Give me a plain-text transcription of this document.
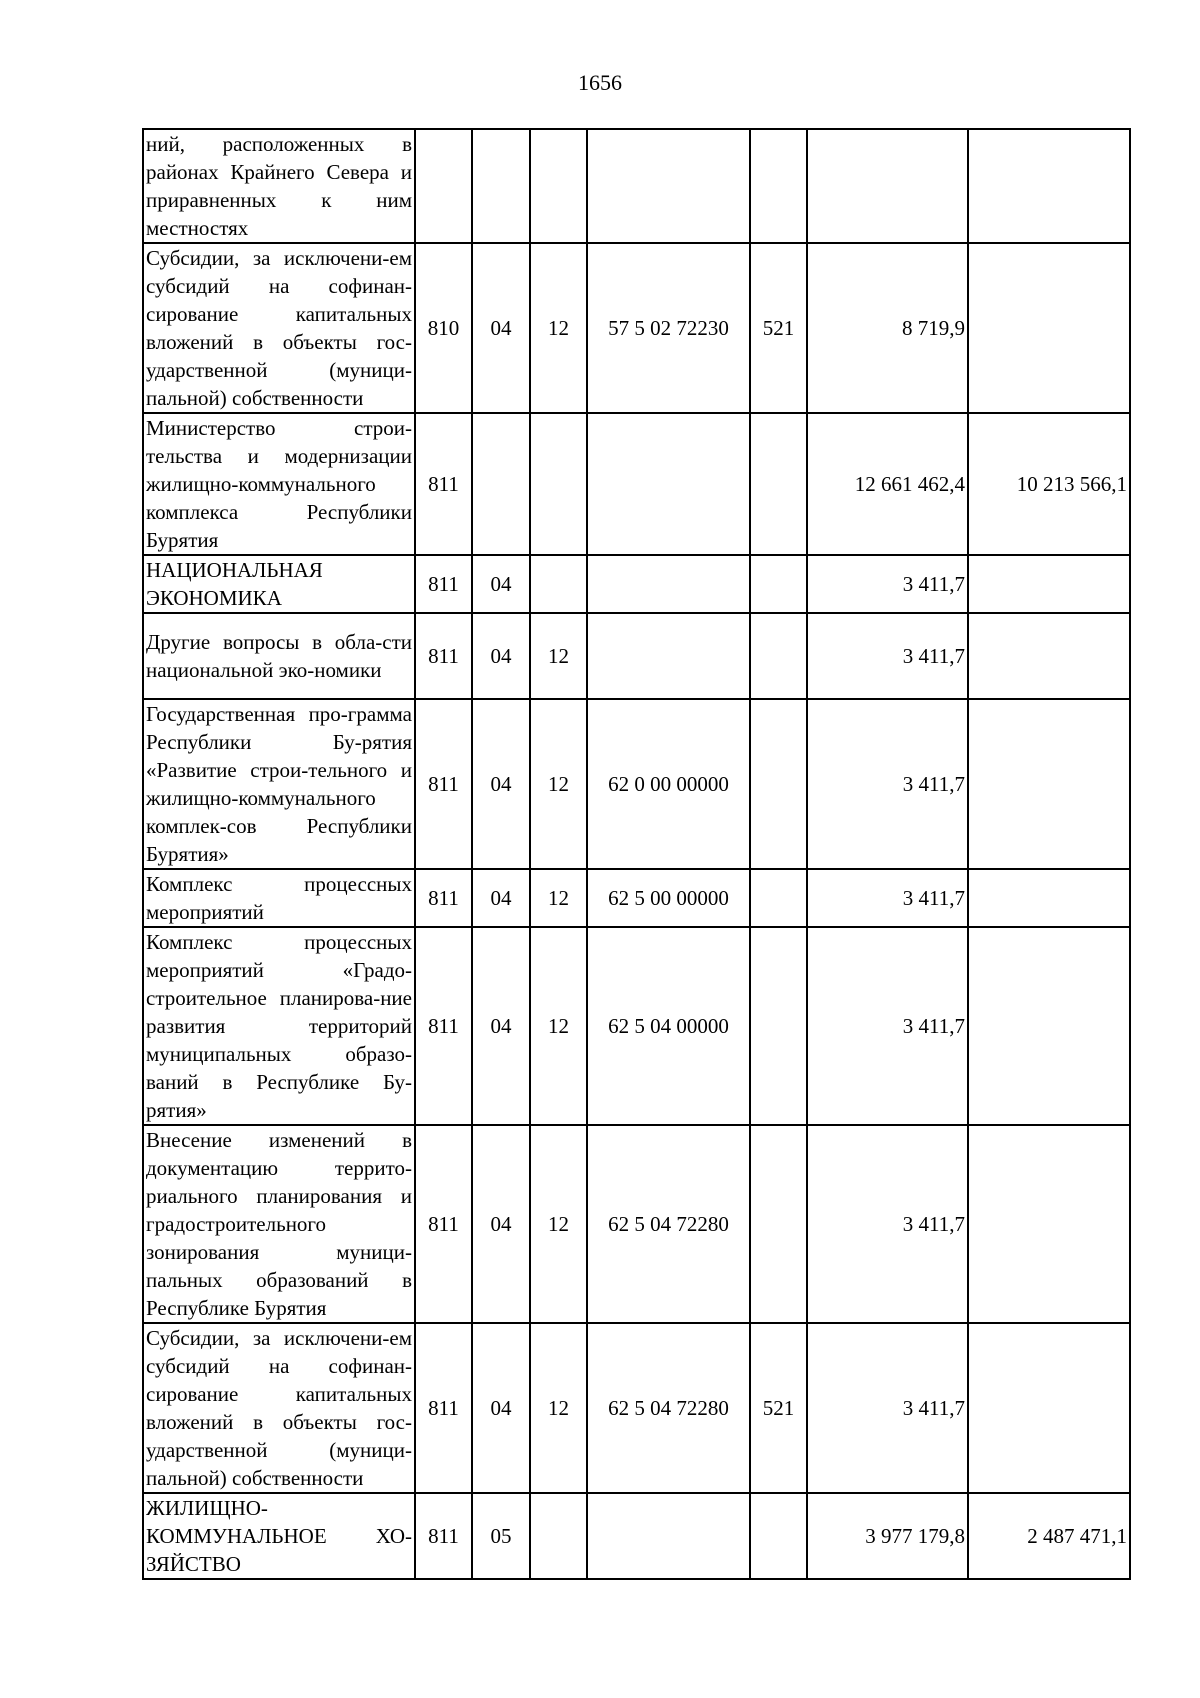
1656
ний, расположенных в районах Крайнего Севера и приравненных к ним местностях							
Субсидии, за исключени-ем субсидий на софинан-сирование капитальных вложений в объекты гос-ударственной (муници-пальной) собственности	810	04	12	57 5 02 72230	521	8 719,9	
Министерство строи-тельства и модернизации жилищно-коммунального комплекса Республики Бурятия	811					12 661 462,4	10 213 566,1
НАЦИОНАЛЬНАЯ ЭКОНОМИКА	811	04				3 411,7	
Другие вопросы в обла-сти национальной эко-номики	811	04	12			3 411,7	
Государственная про-грамма Республики Бу-рятия «Развитие строи-тельного и жилищно-коммунального комплек-сов Республики Бурятия»	811	04	12	62 0 00 00000		3 411,7	
Комплекс процессных мероприятий	811	04	12	62 5 00 00000		3 411,7	
Комплекс процессных мероприятий «Градо-строительное планирова-ние развития территорий муниципальных образо-ваний в Республике Бу-рятия»	811	04	12	62 5 04 00000		3 411,7	
Внесение изменений в документацию террито-риального планирования и градостроительного зонирования муници-пальных образований в Республике Бурятия	811	04	12	62 5 04 72280		3 411,7	
Субсидии, за исключени-ем субсидий на софинан-сирование капитальных вложений в объекты гос-ударственной (муници-пальной) собственности	811	04	12	62 5 04 72280	521	3 411,7	
ЖИЛИЩНО-КОММУНАЛЬНОЕ ХО-ЗЯЙСТВО	811	05				3 977 179,8	2 487 471,1
